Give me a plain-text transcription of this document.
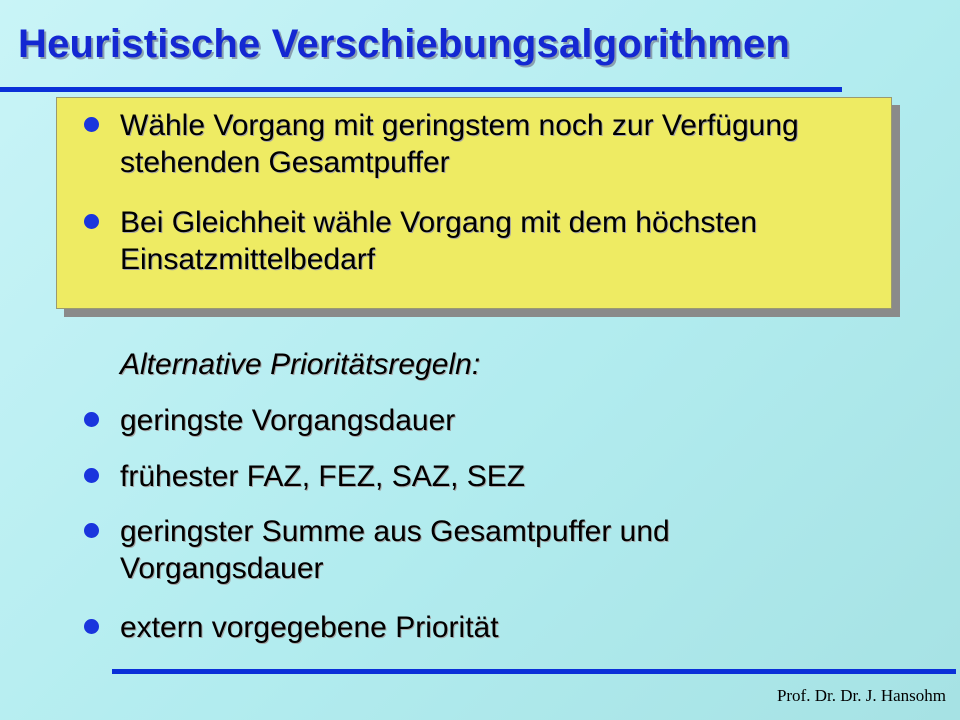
Heuristische Verschiebungsalgorithmen
Wähle Vorgang mit geringstem noch zur Verfügung stehenden Gesamtpuffer
Bei Gleichheit wähle Vorgang mit dem höchsten Einsatzmittelbedarf
Alternative Prioritätsregeln:
geringste Vorgangsdauer
frühester FAZ, FEZ, SAZ, SEZ
geringster Summe aus Gesamtpuffer und Vorgangsdauer
extern vorgegebene Priorität
Prof. Dr. Dr. J. Hansohm
